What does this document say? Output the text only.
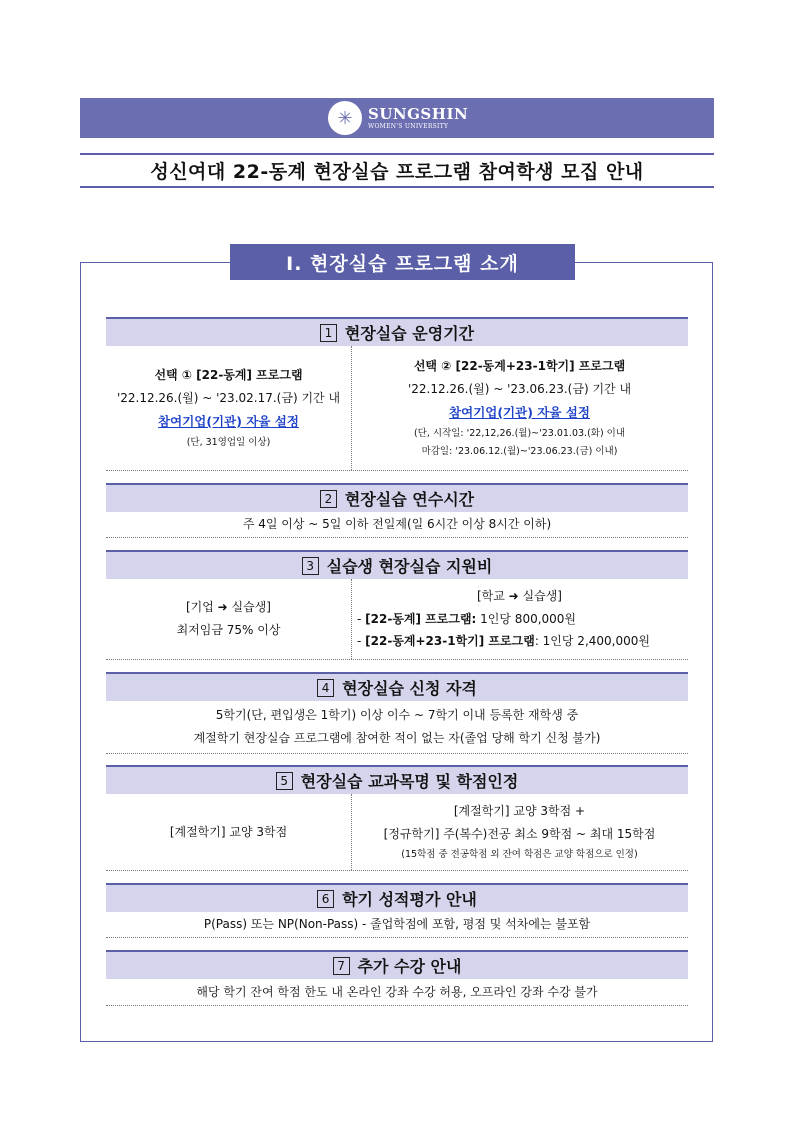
✳	SUNGSHIN
WOMEN'S UNIVERSITY
성신여대 22-동계 현장실습 프로그램 참여학생 모집 안내
Ⅰ. 현장실습 프로그램 소개
1 현장실습 운영기간
선택 ① [22-동계] 프로그램
'22.12.26.(월) ~ '23.02.17.(금) 기간 내
참여기업(기관) 자율 설정
(단, 31영업일 이상)
선택 ② [22-동계+23-1학기] 프로그램
'22.12.26.(월) ~ '23.06.23.(금) 기간 내
참여기업(기관) 자율 설정
(단, 시작일: '22,12,26.(월)~'23.01.03.(화) 이내
마감일: '23.06.12.(월)~'23.06.23.(금) 이내)
2 현장실습 연수시간
주 4일 이상 ~ 5일 이하 전일제(일 6시간 이상 8시간 이하)
3 실습생 현장실습 지원비
[기업 ➜ 실습생]
최저임금 75% 이상
[학교 ➜ 실습생]
- [22-동계] 프로그램: 1인당 800,000원
- [22-동계+23-1학기] 프로그램: 1인당 2,400,000원
4 현장실습 신청 자격
5학기(단, 편입생은 1학기) 이상 이수 ~ 7학기 이내 등록한 재학생 중
계절학기 현장실습 프로그램에 참여한 적이 없는 자(졸업 당해 학기 신청 불가)
5 현장실습 교과목명 및 학점인정
[계절학기] 교양 3학점
[계절학기] 교양 3학점 +
[정규학기] 주(복수)전공 최소 9학점 ~ 최대 15학점
(15학점 중 전공학점 외 잔여 학점은 교양 학점으로 인정)
6 학기 성적평가 안내
P(Pass) 또는 NP(Non-Pass) - 졸업학점에 포함, 평점 및 석차에는 불포함
7 추가 수강 안내
해당 학기 잔여 학점 한도 내 온라인 강좌 수강 허용, 오프라인 강좌 수강 불가
